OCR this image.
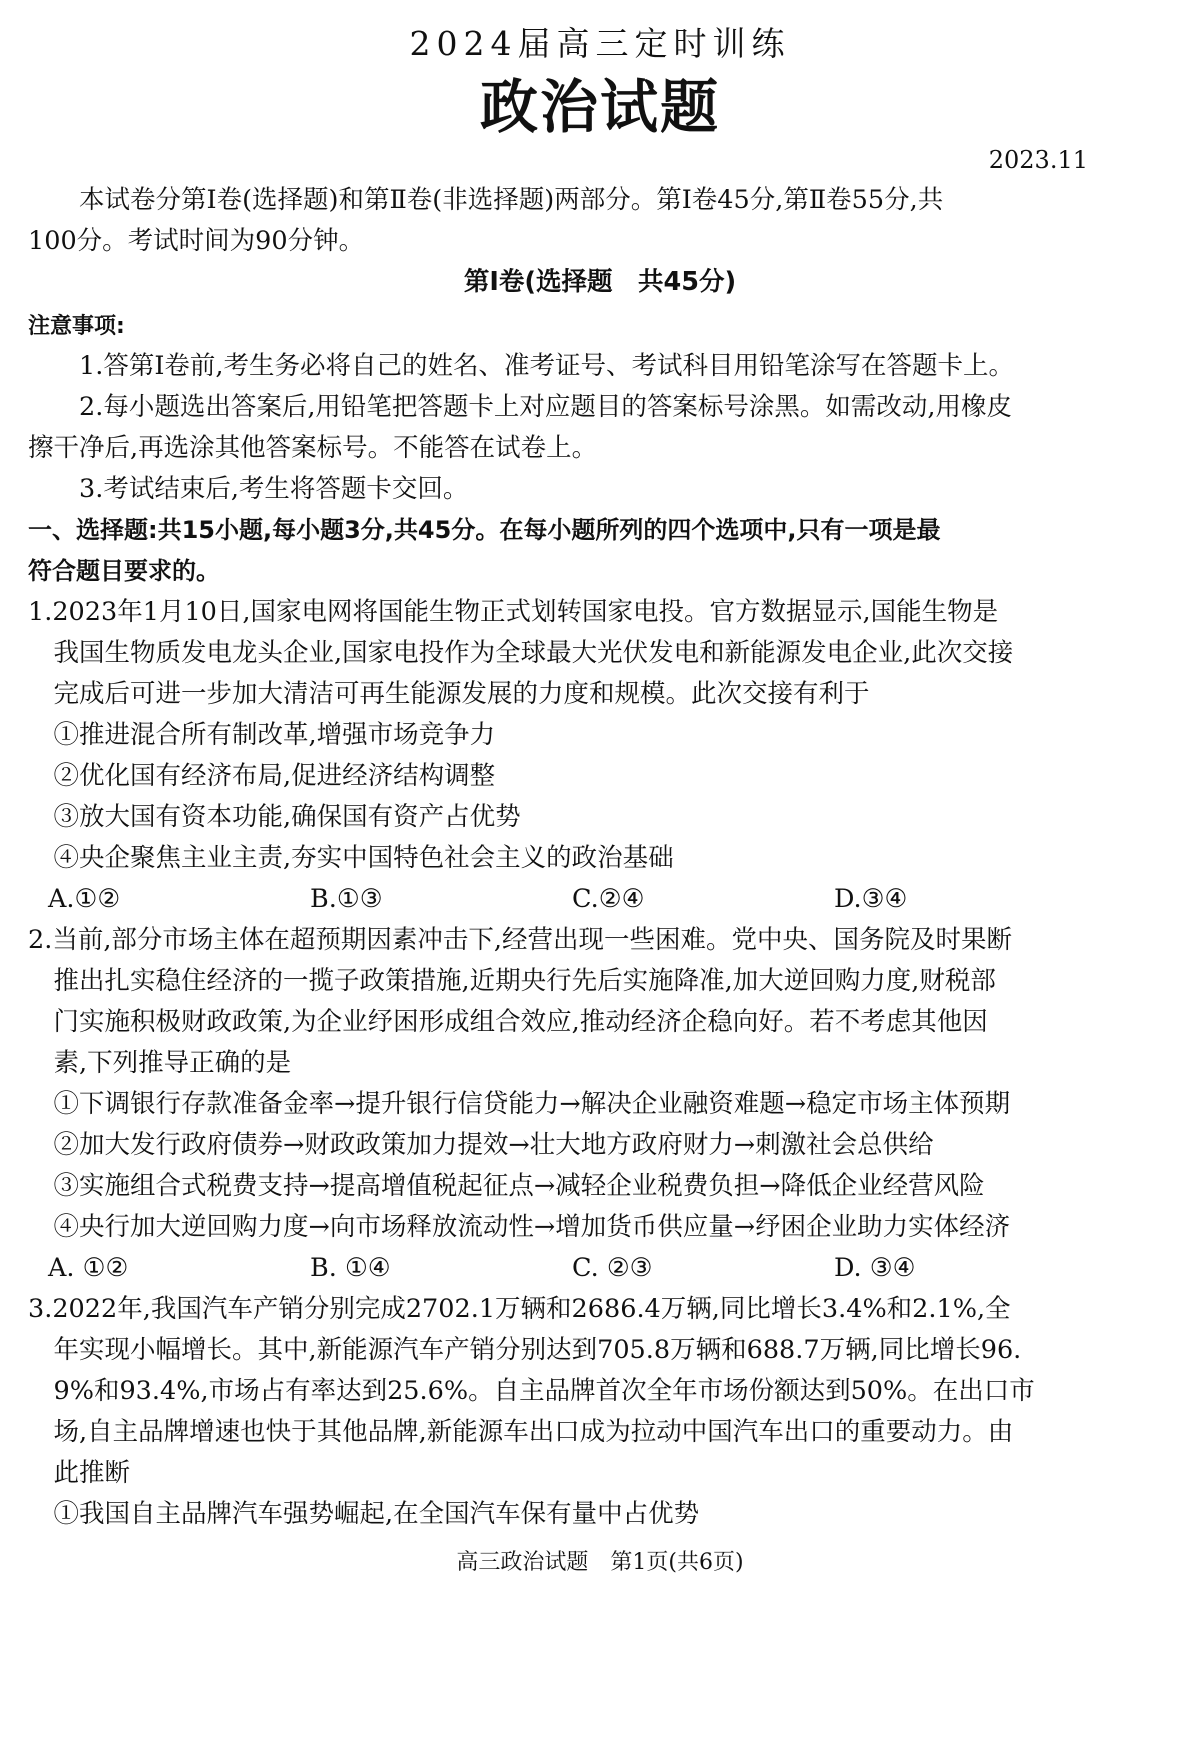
2024届高三定时训练
政治试题
2023.11
　　本试卷分第Ⅰ卷(选择题)和第Ⅱ卷(非选择题)两部分。第Ⅰ卷45分,第Ⅱ卷55分,共
100分。考试时间为90分钟。
第Ⅰ卷(选择题　共45分)
注意事项:
　　1.答第Ⅰ卷前,考生务必将自己的姓名、准考证号、考试科目用铅笔涂写在答题卡上。
　　2.每小题选出答案后,用铅笔把答题卡上对应题目的答案标号涂黑。如需改动,用橡皮
擦干净后,再选涂其他答案标号。不能答在试卷上。
　　3.考试结束后,考生将答题卡交回。
一、选择题:共15小题,每小题3分,共45分。在每小题所列的四个选项中,只有一项是最
符合题目要求的。
1.2023年1月10日,国家电网将国能生物正式划转国家电投。官方数据显示,国能生物是
　我国生物质发电龙头企业,国家电投作为全球最大光伏发电和新能源发电企业,此次交接
　完成后可进一步加大清洁可再生能源发展的力度和规模。此次交接有利于
　①推进混合所有制改革,增强市场竞争力
　②优化国有经济布局,促进经济结构调整
　③放大国有资本功能,确保国有资产占优势
　④央企聚焦主业主责,夯实中国特色社会主义的政治基础
A.①②	B.①③	C.②④	D.③④
2.当前,部分市场主体在超预期因素冲击下,经营出现一些困难。党中央、国务院及时果断
　推出扎实稳住经济的一揽子政策措施,近期央行先后实施降准,加大逆回购力度,财税部
　门实施积极财政政策,为企业纾困形成组合效应,推动经济企稳向好。若不考虑其他因
　素,下列推导正确的是
　①下调银行存款准备金率→提升银行信贷能力→解决企业融资难题→稳定市场主体预期
　②加大发行政府债券→财政政策加力提效→壮大地方政府财力→刺激社会总供给
　③实施组合式税费支持→提高增值税起征点→减轻企业税费负担→降低企业经营风险
　④央行加大逆回购力度→向市场释放流动性→增加货币供应量→纾困企业助力实体经济
A. ①②	B. ①④	C. ②③	D. ③④
3.2022年,我国汽车产销分别完成2702.1万辆和2686.4万辆,同比增长3.4%和2.1%,全
　年实现小幅增长。其中,新能源汽车产销分别达到705.8万辆和688.7万辆,同比增长96.
　9%和93.4%,市场占有率达到25.6%。自主品牌首次全年市场份额达到50%。在出口市
　场,自主品牌增速也快于其他品牌,新能源车出口成为拉动中国汽车出口的重要动力。由
　此推断
　①我国自主品牌汽车强势崛起,在全国汽车保有量中占优势
高三政治试题　第1页(共6页)
